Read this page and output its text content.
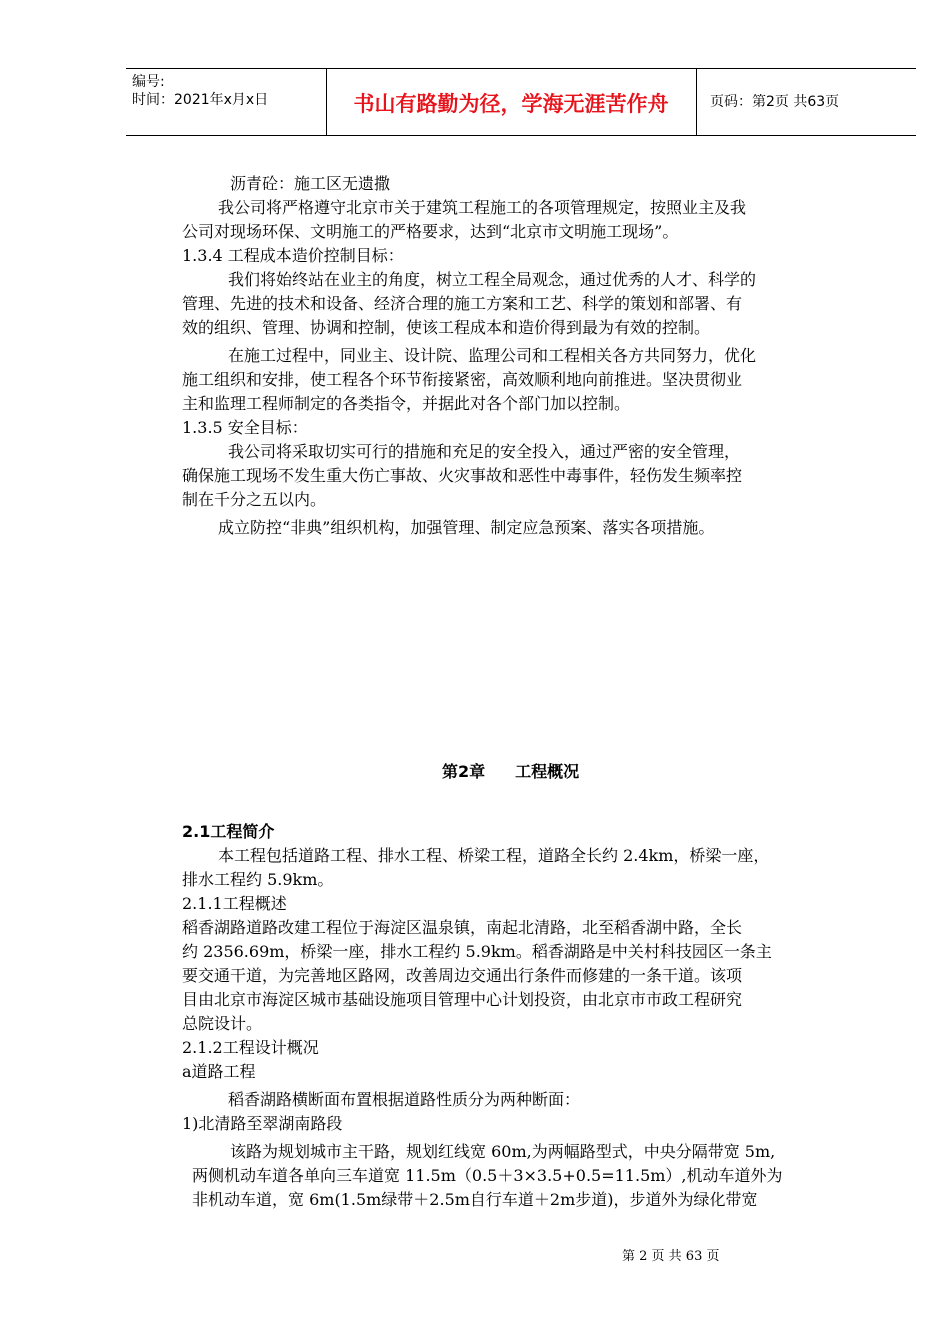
编号:
时间：2021年x月x日	书山有路勤为径，学海无涯苦作舟	页码：第2页 共63页
沥青砼：施工区无遗撒
我公司将严格遵守北京市关于建筑工程施工的各项管理规定，按照业主及我
公司对现场环保、文明施工的严格要求，达到“北京市文明施工现场”。
1.3.4 工程成本造价控制目标：
我们将始终站在业主的角度，树立工程全局观念，通过优秀的人才、科学的
管理、先进的技术和设备、经济合理的施工方案和工艺、科学的策划和部署、有
效的组织、管理、协调和控制，使该工程成本和造价得到最为有效的控制。
在施工过程中，同业主、设计院、监理公司和工程相关各方共同努力，优化
施工组织和安排，使工程各个环节衔接紧密，高效顺利地向前推进。坚决贯彻业
主和监理工程师制定的各类指令，并据此对各个部门加以控制。
1.3.5 安全目标：
我公司将采取切实可行的措施和充足的安全投入，通过严密的安全管理，
确保施工现场不发生重大伤亡事故、火灾事故和恶性中毒事件，轻伤发生频率控
制在千分之五以内。
成立防控“非典”组织机构，加强管理、制定应急预案、落实各项措施。
第2章 工程概况
2.1工程简介
本工程包括道路工程、排水工程、桥梁工程，道路全长约 2.4km，桥梁一座，
排水工程约 5.9km。
2.1.1工程概述
稻香湖路道路改建工程位于海淀区温泉镇，南起北清路，北至稻香湖中路，全长
约 2356.69m，桥梁一座，排水工程约 5.9km。稻香湖路是中关村科技园区一条主
要交通干道，为完善地区路网，改善周边交通出行条件而修建的一条干道。该项
目由北京市海淀区城市基础设施项目管理中心计划投资，由北京市市政工程研究
总院设计。
2.1.2工程设计概况
a道路工程
稻香湖路横断面布置根据道路性质分为两种断面：
1)北清路至翠湖南路段
该路为规划城市主干路，规划红线宽 60m,为两幅路型式，中央分隔带宽 5m,
两侧机动车道各单向三车道宽 11.5m（0.5＋3×3.5+0.5=11.5m）,机动车道外为
非机动车道，宽 6m(1.5m绿带＋2.5m自行车道＋2m步道)，步道外为绿化带宽
第 2 页 共 63 页
